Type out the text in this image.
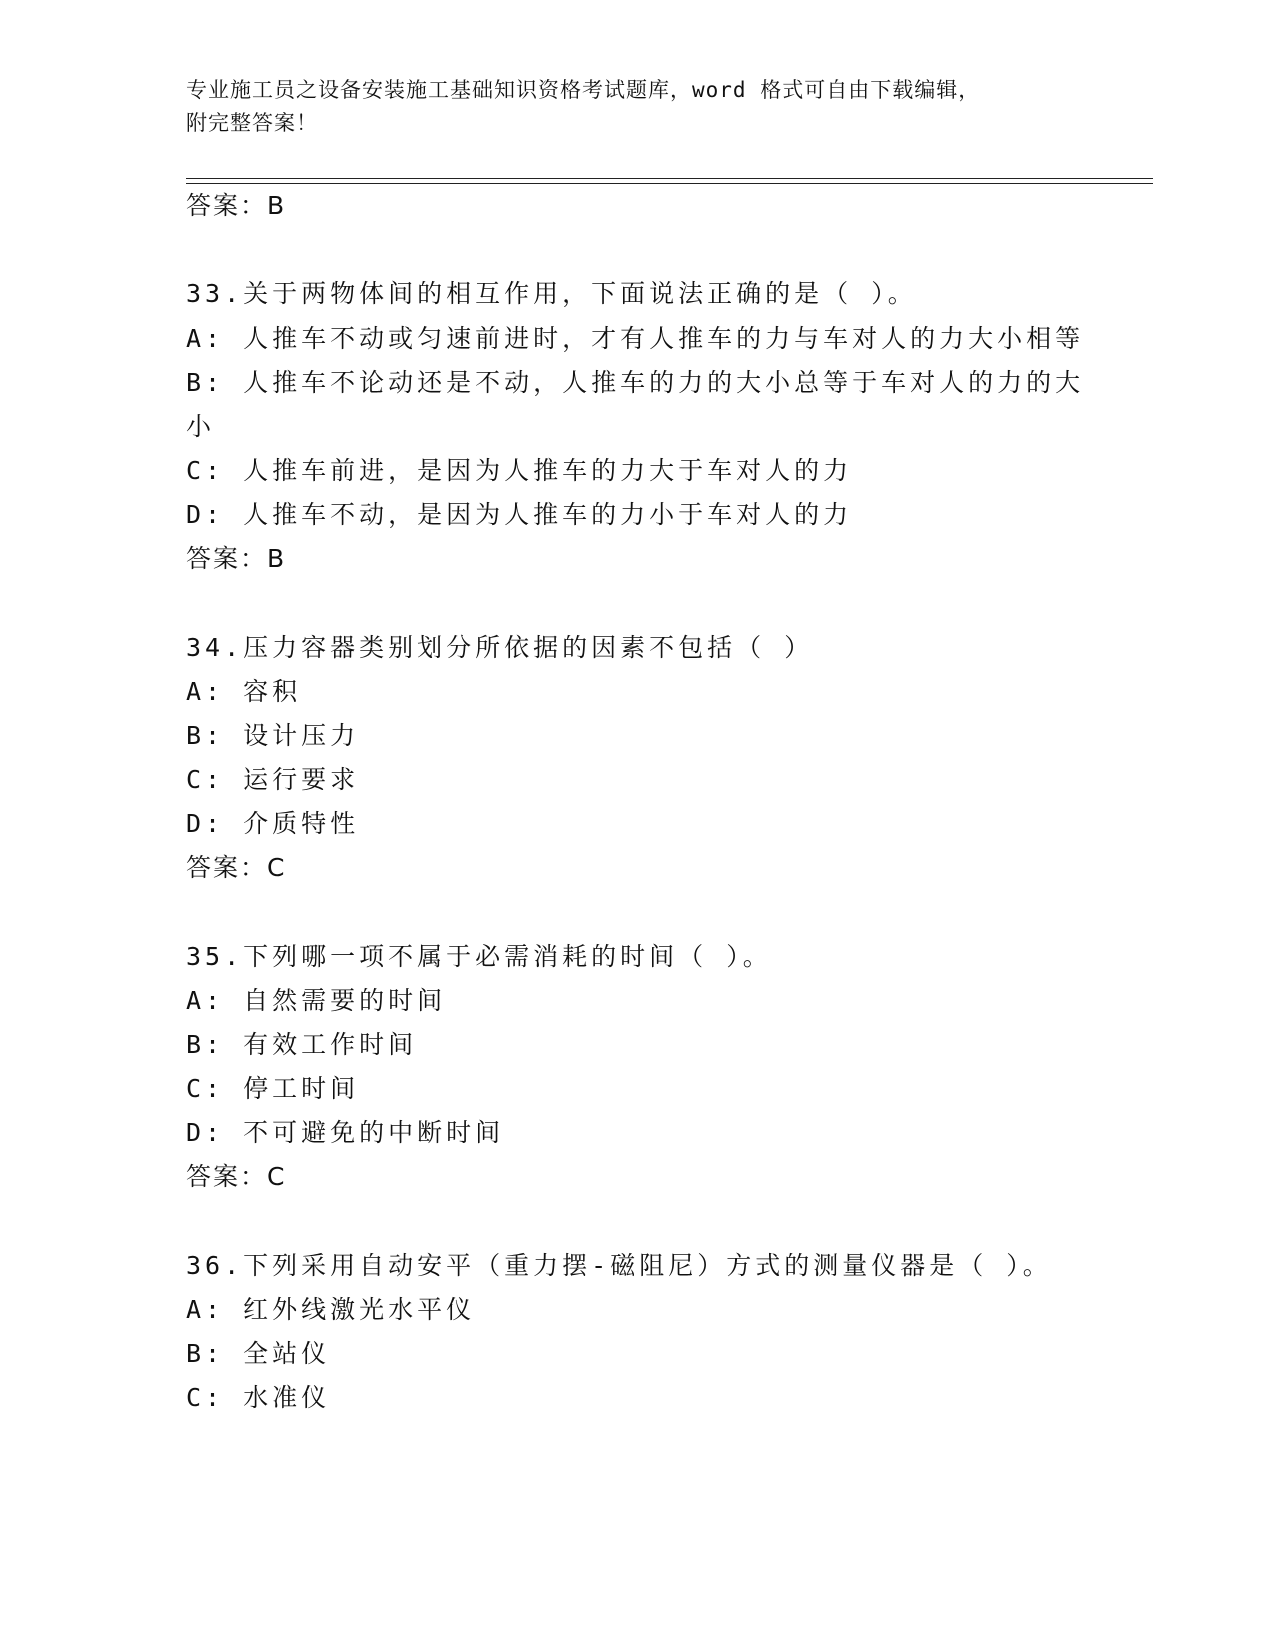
专业施工员之设备安装施工基础知识资格考试题库，word 格式可自由下载编辑，
附完整答案！
答案：B
33.关于两物体间的相互作用，下面说法正确的是（ ）。
A: 人推车不动或匀速前进时，才有人推车的力与车对人的力大小相等
B: 人推车不论动还是不动，人推车的力的大小总等于车对人的力的大
小
C: 人推车前进，是因为人推车的力大于车对人的力
D: 人推车不动，是因为人推车的力小于车对人的力
答案：B
34.压力容器类别划分所依据的因素不包括（ ）
A: 容积
B: 设计压力
C: 运行要求
D: 介质特性
答案：C
35.下列哪一项不属于必需消耗的时间（ ）。
A: 自然需要的时间
B: 有效工作时间
C: 停工时间
D: 不可避免的中断时间
答案：C
36.下列采用自动安平（重力摆-磁阻尼）方式的测量仪器是（ ）。
A: 红外线激光水平仪
B: 全站仪
C: 水准仪
